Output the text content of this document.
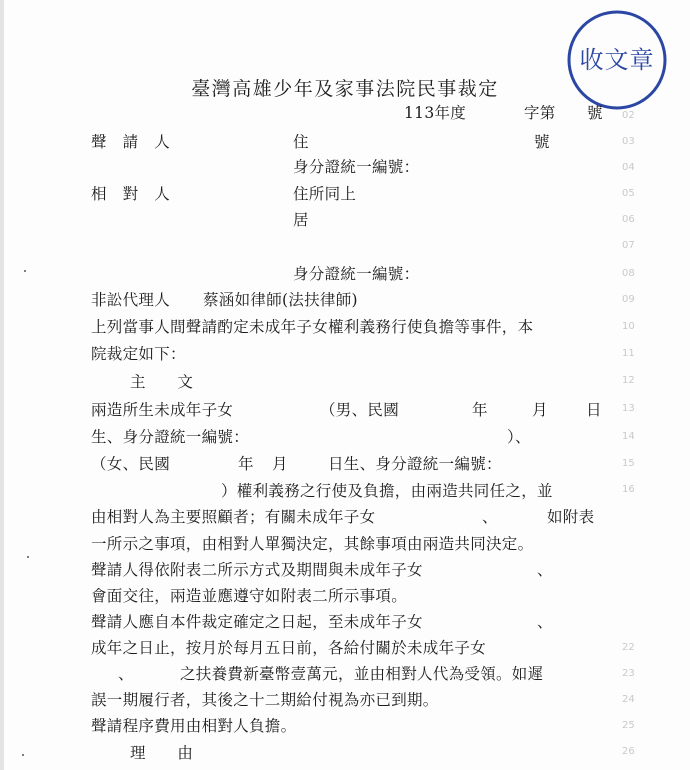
收文章
臺灣高雄少年及家事法院民事裁定
113年度	字第 號
聲　請　人	住	號
身分證統一編號：
相　對　人	住所同上
居
身分證統一編號：
非訟代理人 蔡涵如律師(法扶律師)
上列當事人間聲請酌定未成年子女權利義務行使負擔等事件，本
院裁定如下：
主　　文
兩造所生未成年子女	（男、民國	年	月 日
生、身分證統一編號：	）、
（女、民國	年 月	日生、身分證統一編號：
）權利義務之行使及負擔，由兩造共同任之，並
由相對人為主要照顧者；有關未成年子女	、	如附表
一所示之事項，由相對人單獨決定，其餘事項由兩造共同決定。
聲請人得依附表二所示方式及期間與未成年子女	、
會面交往，兩造並應遵守如附表二所示事項。
聲請人應自本件裁定確定之日起，至未成年子女	、
成年之日止，按月於每月五日前，各給付關於未成年子女
、	之扶養費新臺幣壹萬元，並由相對人代為受領。如遲
誤一期履行者，其後之十二期給付視為亦已到期。
聲請程序費用由相對人負擔。
理　　由
02
03
04
05
06
07
08
09
10
11
12
13
14
15
16
22
23
24
25
26
